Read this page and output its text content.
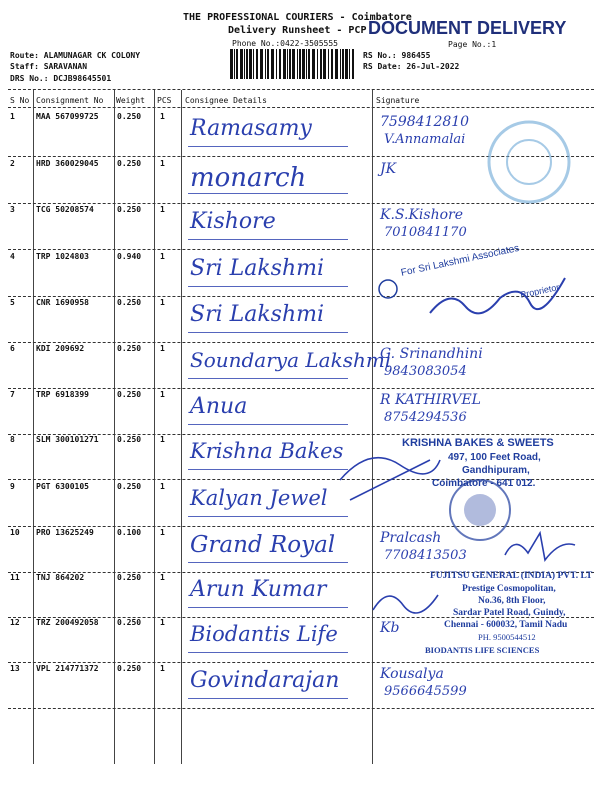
THE PROFESSIONAL COURIERS - Coimbatore
Delivery Runsheet - PCP
Phone No.:0422-3505555
DOCUMENT DELIVERY
Page No.:1
Route: ALAMUNAGAR CK COLONY
Staff: SARAVANAN
DRS No.: DCJB98645501
RS No.: 986455
RS Date: 26-Jul-2022
S No Consignment No Weight PCS Consignee Details	Signature
1	MAA 567099725 0.250 1 Ramasamy	7598412810
V.Annamalai
2	HRD 360029045 0.250 1 monarch	JK
3	TCG 50208574	0.250 1 Kishore	K.S.Kishore
7010841170
4	TRP 1024803	0.940 1 Sri Lakshmi
5	CNR 1690958	0.250 1 Sri Lakshmi
6	KDI 209692	0.250 1 Soundarya Lakshmi
G. Srinandhini
9843083054
7	TRP 6918399	0.250 1 Anua	R KATHIRVEL
8754294536
8	SLM 300101271 0.250 1 Krishna Bakes
9	PGT 6300105	0.250 1 Kalyan Jewel
10 PRO 13625249	0.100 1 Grand Royal	Pralcash
7708413503
11 TNJ 864202	0.250 1 Arun Kumar
12 TRZ 200492058 0.250 1 Biodantis Life	Kb
13 VPL 214771372 0.250 1 Govindarajan	Kousalya
9566645599
For Sri Lakshmi Associates
Proprietor
KRISHNA BAKES & SWEETS
497, 100 Feet Road,
Gandhipuram,
Coimbatore - 641 012.
FUJITSU GENERAL (INDIA) PVT. LT
Prestige Cosmopolitan,
No.36, 8th Floor,
Sardar Patel Road, Guindy,
Chennai - 600032, Tamil Nadu
PH. 9500544512
BIODANTIS LIFE SCIENCES
